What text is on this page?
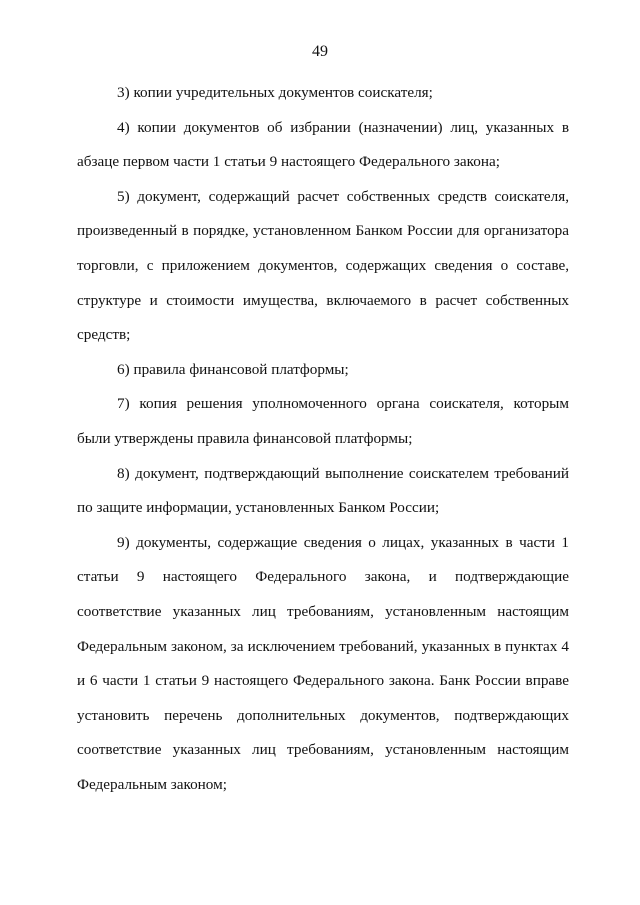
49

3) копии учредительных документов соискателя;

4) копии документов об избрании (назначении) лиц, указанных в абзаце первом части 1 статьи 9 настоящего Федерального закона;

5) документ, содержащий расчет собственных средств соискателя, произведенный в порядке, установленном Банком России для организатора торговли, с приложением документов, содержащих сведения о составе, структуре и стоимости имущества, включаемого в расчет собственных средств;

6) правила финансовой платформы;

7) копия решения уполномоченного органа соискателя, которым были утверждены правила финансовой платформы;

8) документ, подтверждающий выполнение соискателем требований по защите информации, установленных Банком России;

9) документы, содержащие сведения о лицах, указанных в части 1 статьи 9 настоящего Федерального закона, и подтверждающие соответствие указанных лиц требованиям, установленным настоящим Федеральным законом, за исключением требований, указанных в пунктах 4 и 6 части 1 статьи 9 настоящего Федерального закона. Банк России вправе установить перечень дополнительных документов, подтверждающих соответствие указанных лиц требованиям, установленным настоящим Федеральным законом;
